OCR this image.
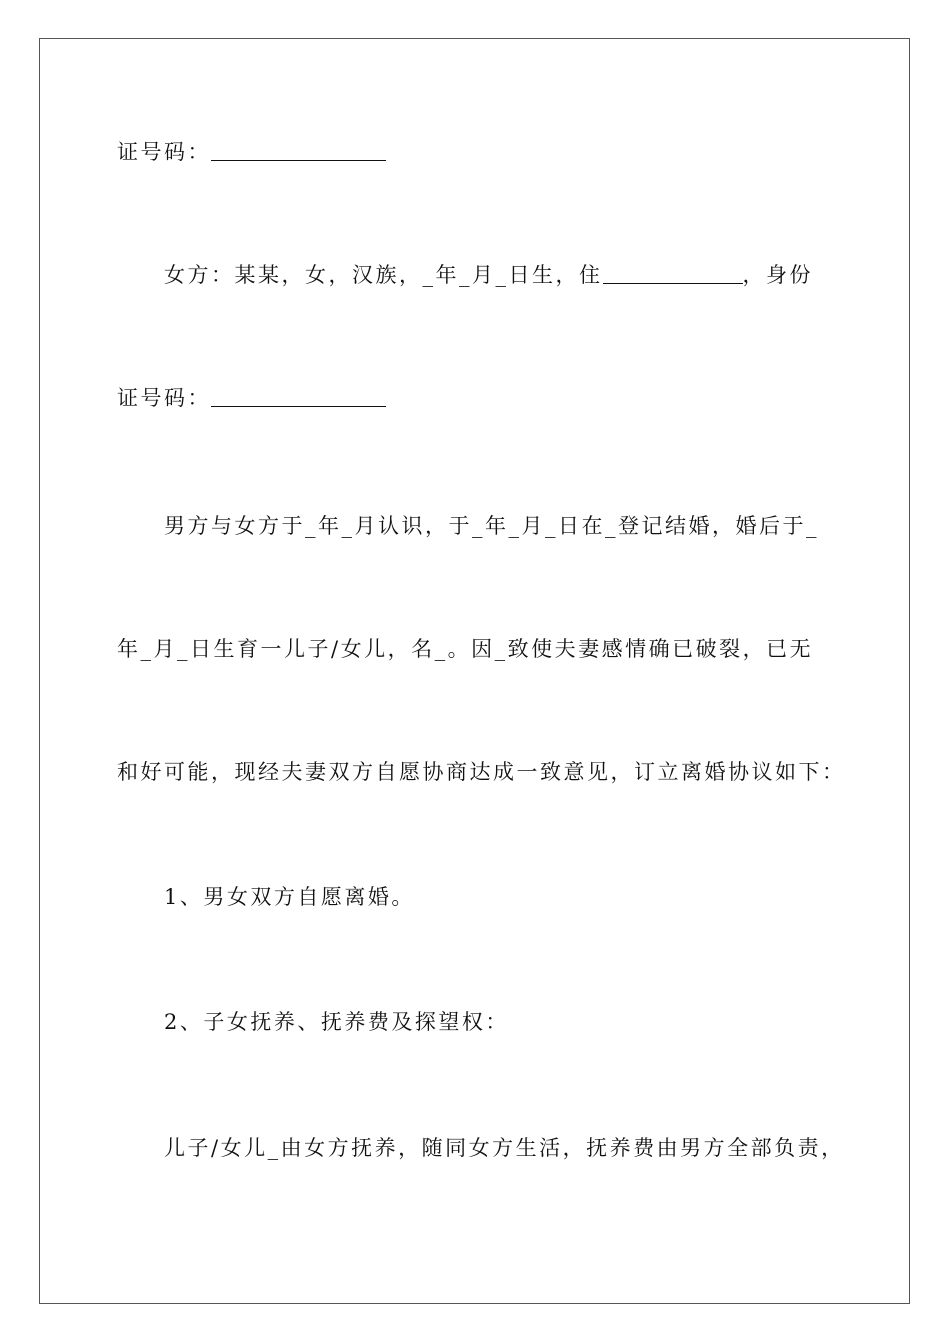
证号码：
女方：某某，女，汉族，_年_月_日生，住	，身份
证号码：
男方与女方于_年_月认识，于_年_月_日在_登记结婚，婚后于_
年_月_日生育一儿子/女儿，名_。因_致使夫妻感情确已破裂，已无
和好可能，现经夫妻双方自愿协商达成一致意见，订立离婚协议如下：
1、男女双方自愿离婚。
2、子女抚养、抚养费及探望权：
儿子/女儿_由女方抚养，随同女方生活，抚养费由男方全部负责，
